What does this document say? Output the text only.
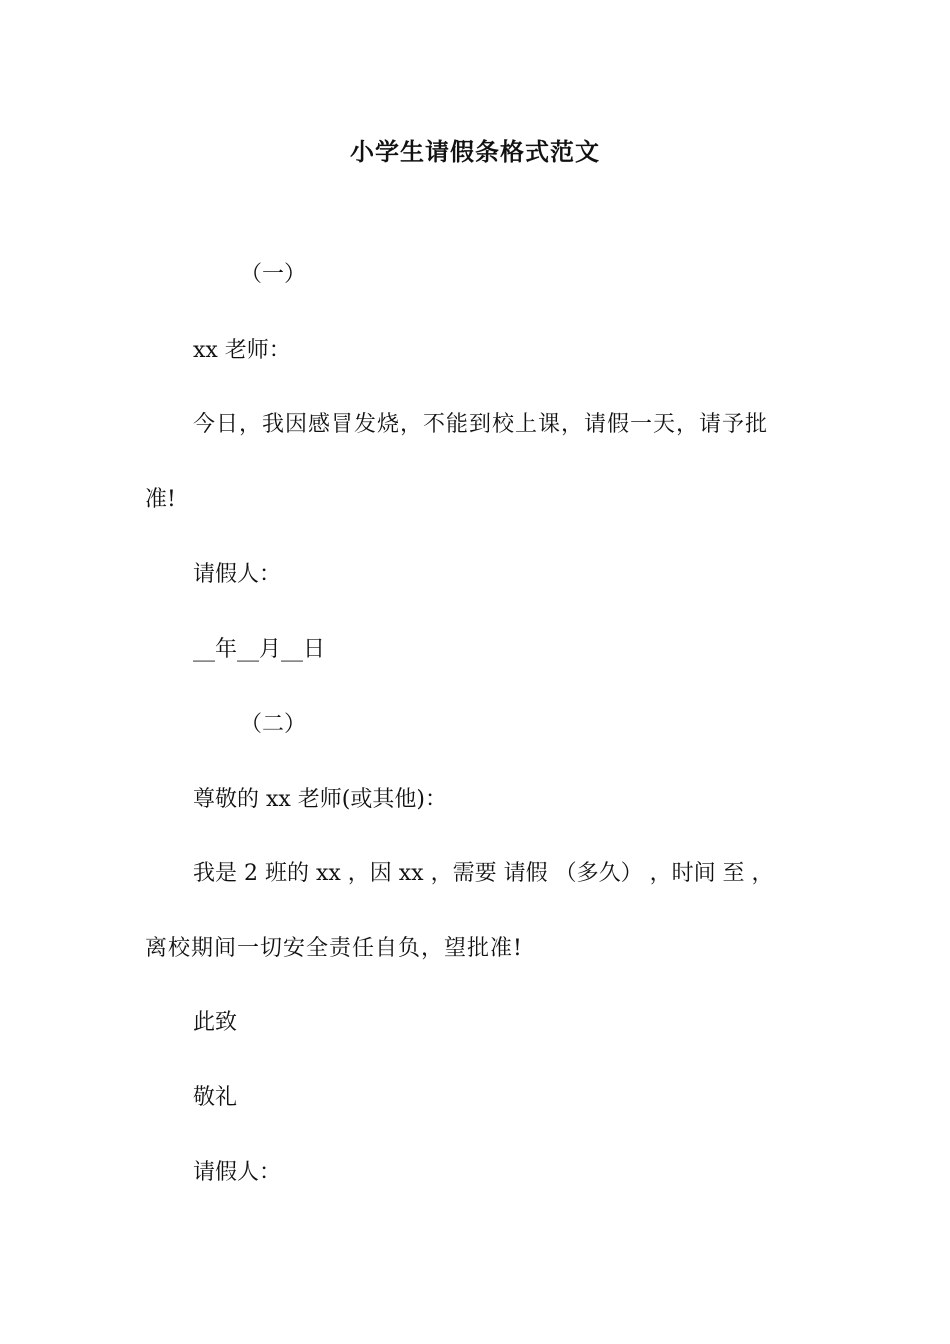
小学生请假条格式范文
（一）
xx 老师：
今日，我因感冒发烧，不能到校上课，请假一天，请予批
准!
请假人：
__年__月__日
（二）
尊敬的 xx 老师(或其他)：
我是 2 班的 xx ，因 xx ，需要 请假 （多久） ，时间 至 ，
离校期间一切安全责任自负，望批准!
此致
敬礼
请假人：
